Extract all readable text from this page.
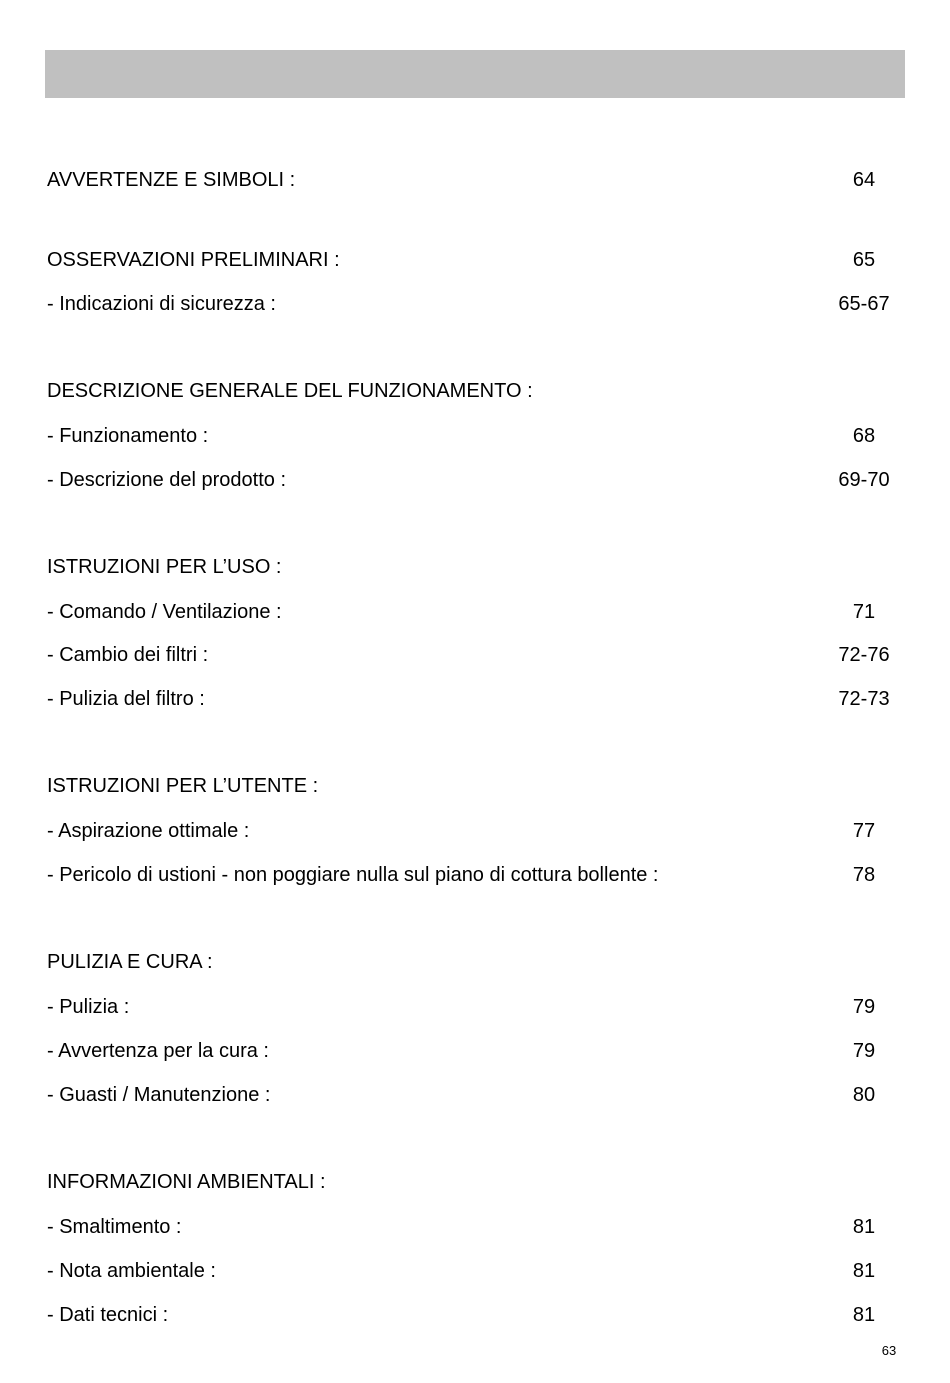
AVVERTENZE E SIMBOLI :	64
OSSERVAZIONI PRELIMINARI :	65
- Indicazioni di sicurezza :	65-67
DESCRIZIONE GENERALE DEL FUNZIONAMENTO :
- Funzionamento :	68
- Descrizione del prodotto :	69-70
ISTRUZIONI PER L’USO :
- Comando / Ventilazione :	71
- Cambio dei filtri :	72-76
- Pulizia del filtro :	72-73
ISTRUZIONI PER L’UTENTE :
- Aspirazione ottimale :	77
- Pericolo di ustioni - non poggiare nulla sul piano di cottura bollente :	78
PULIZIA E CURA :
- Pulizia :	79
- Avvertenza per la cura :	79
- Guasti / Manutenzione :	80
INFORMAZIONI AMBIENTALI :
- Smaltimento :	81
- Nota ambientale :	81
- Dati tecnici :	81
63
